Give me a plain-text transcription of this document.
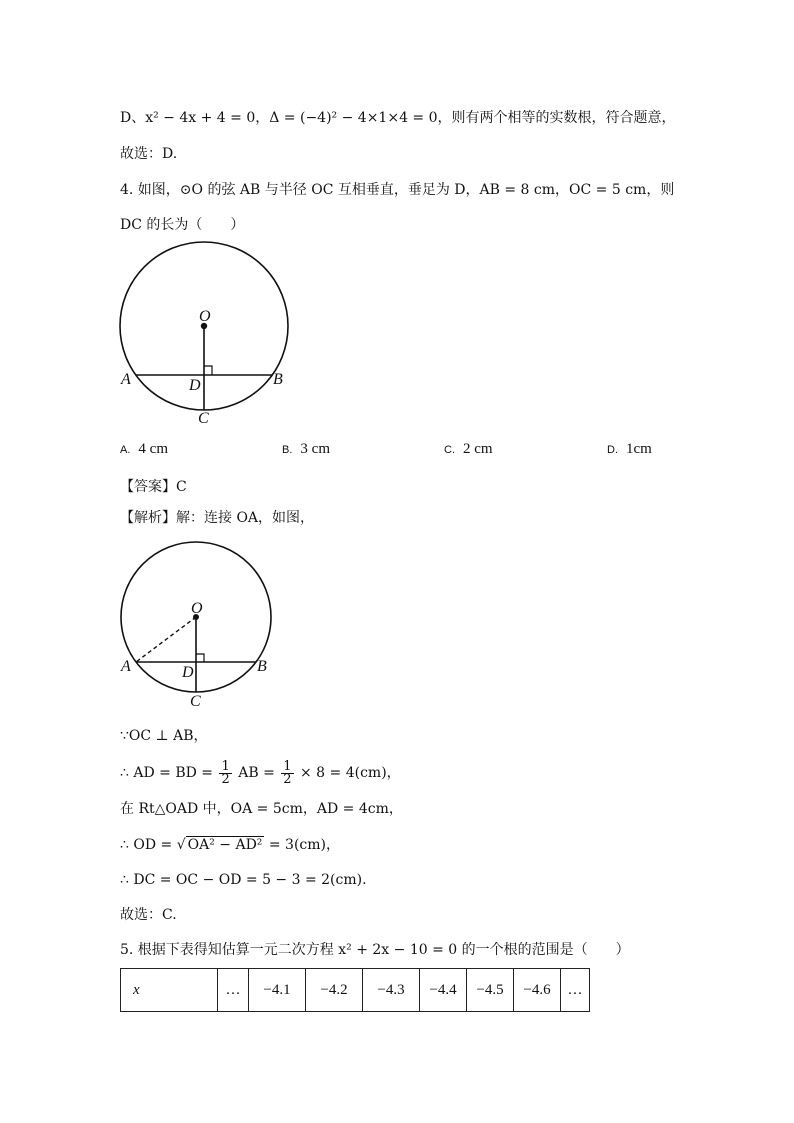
D、x² − 4x + 4 = 0，Δ = (−4)² − 4×1×4 = 0，则有两个相等的实数根，符合题意，
故选：D.
4. 如图，⊙O 的弦 AB 与半径 OC 互相垂直，垂足为 D，AB = 8 cm，OC = 5 cm，则
DC 的长为（　　）
O
A	B
D
C
A. 4 cm	B. 3 cm	C. 2 cm	D. 1cm
【答案】C
【解析】解：连接 OA，如图，
O
A	B
D
C
∵OC ⊥ AB，
∴ AD = BD = $\frac{1}{2}$ AB = $\frac{1}{2} \times 8 = 4(cm)$，
在 Rt△OAD 中，OA = 5cm，AD = 4cm，
∴ OD = √ OA² − AD² = 3(cm)，
∴ DC = OC − OD = 5 − 3 = 2(cm).
故选：C.
5. 根据下表得知估算一元二次方程 x² + 2x − 10 = 0 的一个根的范围是（　　）
x	…	−4.1	−4.2	−4.3	−4.4	−4.5	−4.6	…
